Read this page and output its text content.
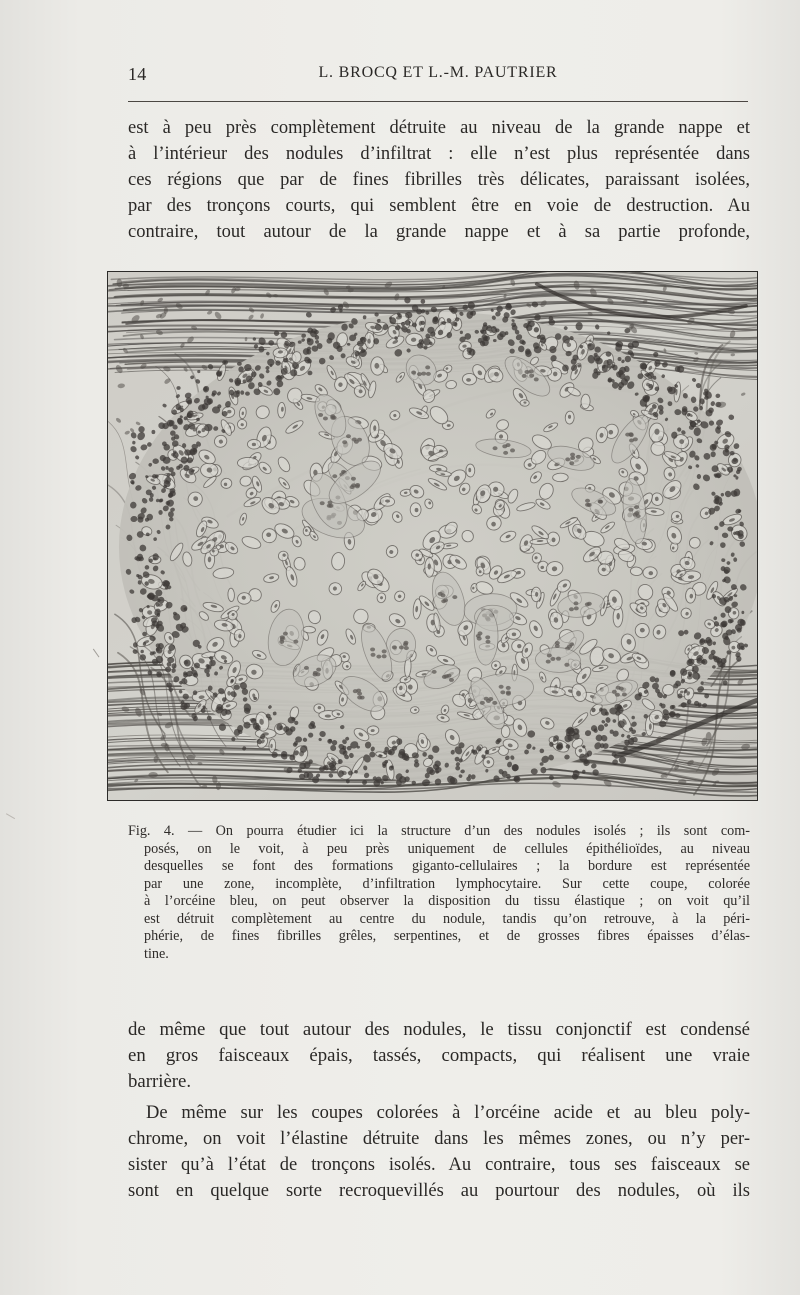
14	L. BROCQ ET L.-M. PAUTRIER
est à peu près complètement détruite au niveau de la grande nappe et
à l’intérieur des nodules d’infiltrat : elle n’est plus représentée dans
ces régions que par de fines fibrilles très délicates, paraissant isolées,
par des tronçons courts, qui semblent être en voie de destruction. Au
contraire, tout autour de la grande nappe et à sa partie profonde,
Fig. 4. — On pourra étudier ici la structure d’un des nodules isolés ; ils sont com-
posés, on le voit, à peu près uniquement de cellules épithélioïdes, au niveau
desquelles se font des formations giganto-cellulaires ; la bordure est représentée
par une zone, incomplète, d’infiltration lymphocytaire. Sur cette coupe, colorée
à l’orcéine bleu, on peut observer la disposition du tissu élastique ; on voit qu’il
est détruit complètement au centre du nodule, tandis qu’on retrouve, à la péri-
phérie, de fines fibrilles grêles, serpentines, et de grosses fibres épaisses d’élas-
tine.
de même que tout autour des nodules, le tissu conjonctif est condensé
en gros faisceaux épais, tassés, compacts, qui réalisent une vraie
barrière.
De même sur les coupes colorées à l’orcéine acide et au bleu poly-
chrome, on voit l’élastine détruite dans les mêmes zones, ou n’y per-
sister qu’à l’état de tronçons isolés. Au contraire, tous ses faisceaux se
sont en quelque sorte recroquevillés au pourtour des nodules, où ils
